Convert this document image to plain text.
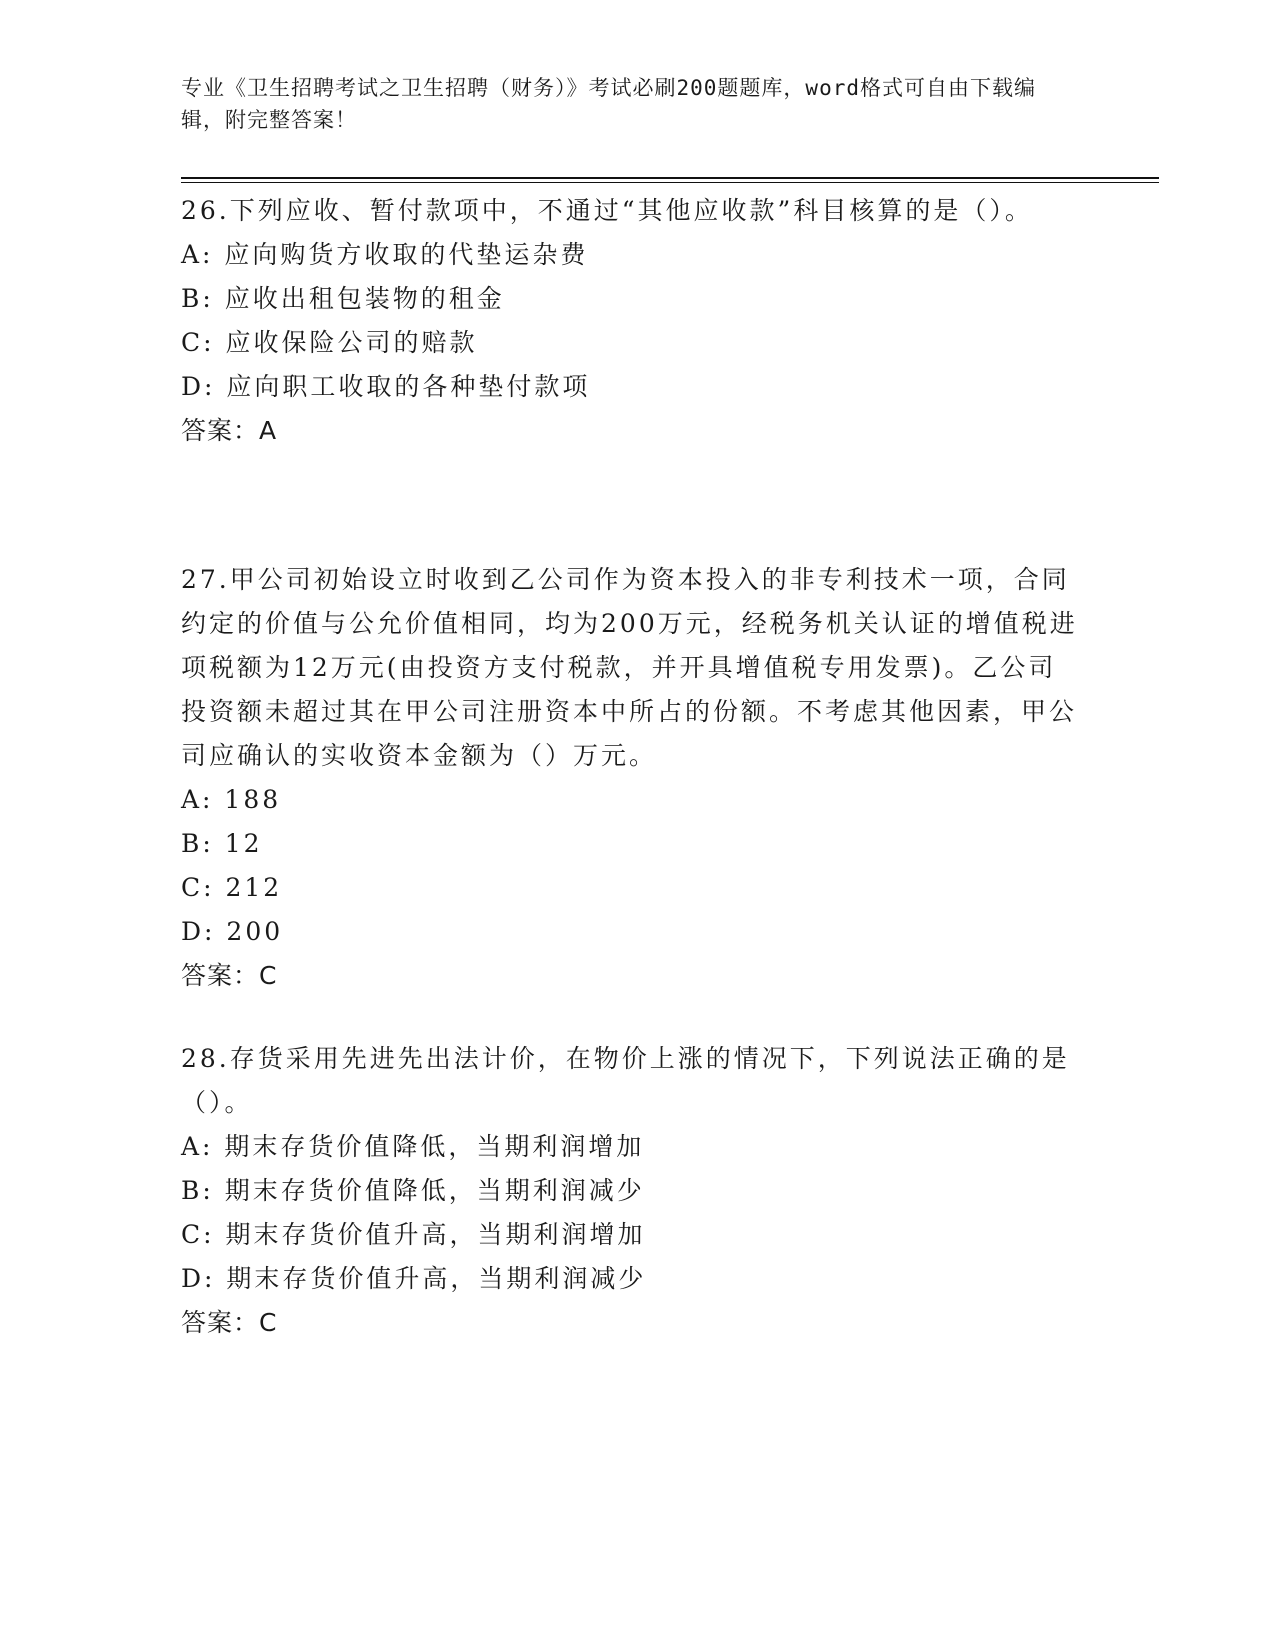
专业《卫生招聘考试之卫生招聘（财务）》考试必刷200题题库，word格式可自由下载编辑，附完整答案！

26.下列应收、暂付款项中，不通过“其他应收款”科目核算的是（）。

A: 应向购货方收取的代垫运杂费

B: 应收出租包装物的租金

C: 应收保险公司的赔款

D: 应向职工收取的各种垫付款项

答案：A

27.甲公司初始设立时收到乙公司作为资本投入的非专利技术一项，合同约定的价值与公允价值相同，均为200万元，经税务机关认证的增值税进项税额为12万元(由投资方支付税款，并开具增值税专用发票)。乙公司投资额未超过其在甲公司注册资本中所占的份额。不考虑其他因素，甲公司应确认的实收资本金额为（）万元。

A: 188

B: 12

C: 212

D: 200

答案：C

28.存货采用先进先出法计价，在物价上涨的情况下，下列说法正确的是（）。

A: 期末存货价值降低，当期利润增加

B: 期末存货价值降低，当期利润减少

C: 期末存货价值升高，当期利润增加

D: 期末存货价值升高，当期利润减少

答案：C
